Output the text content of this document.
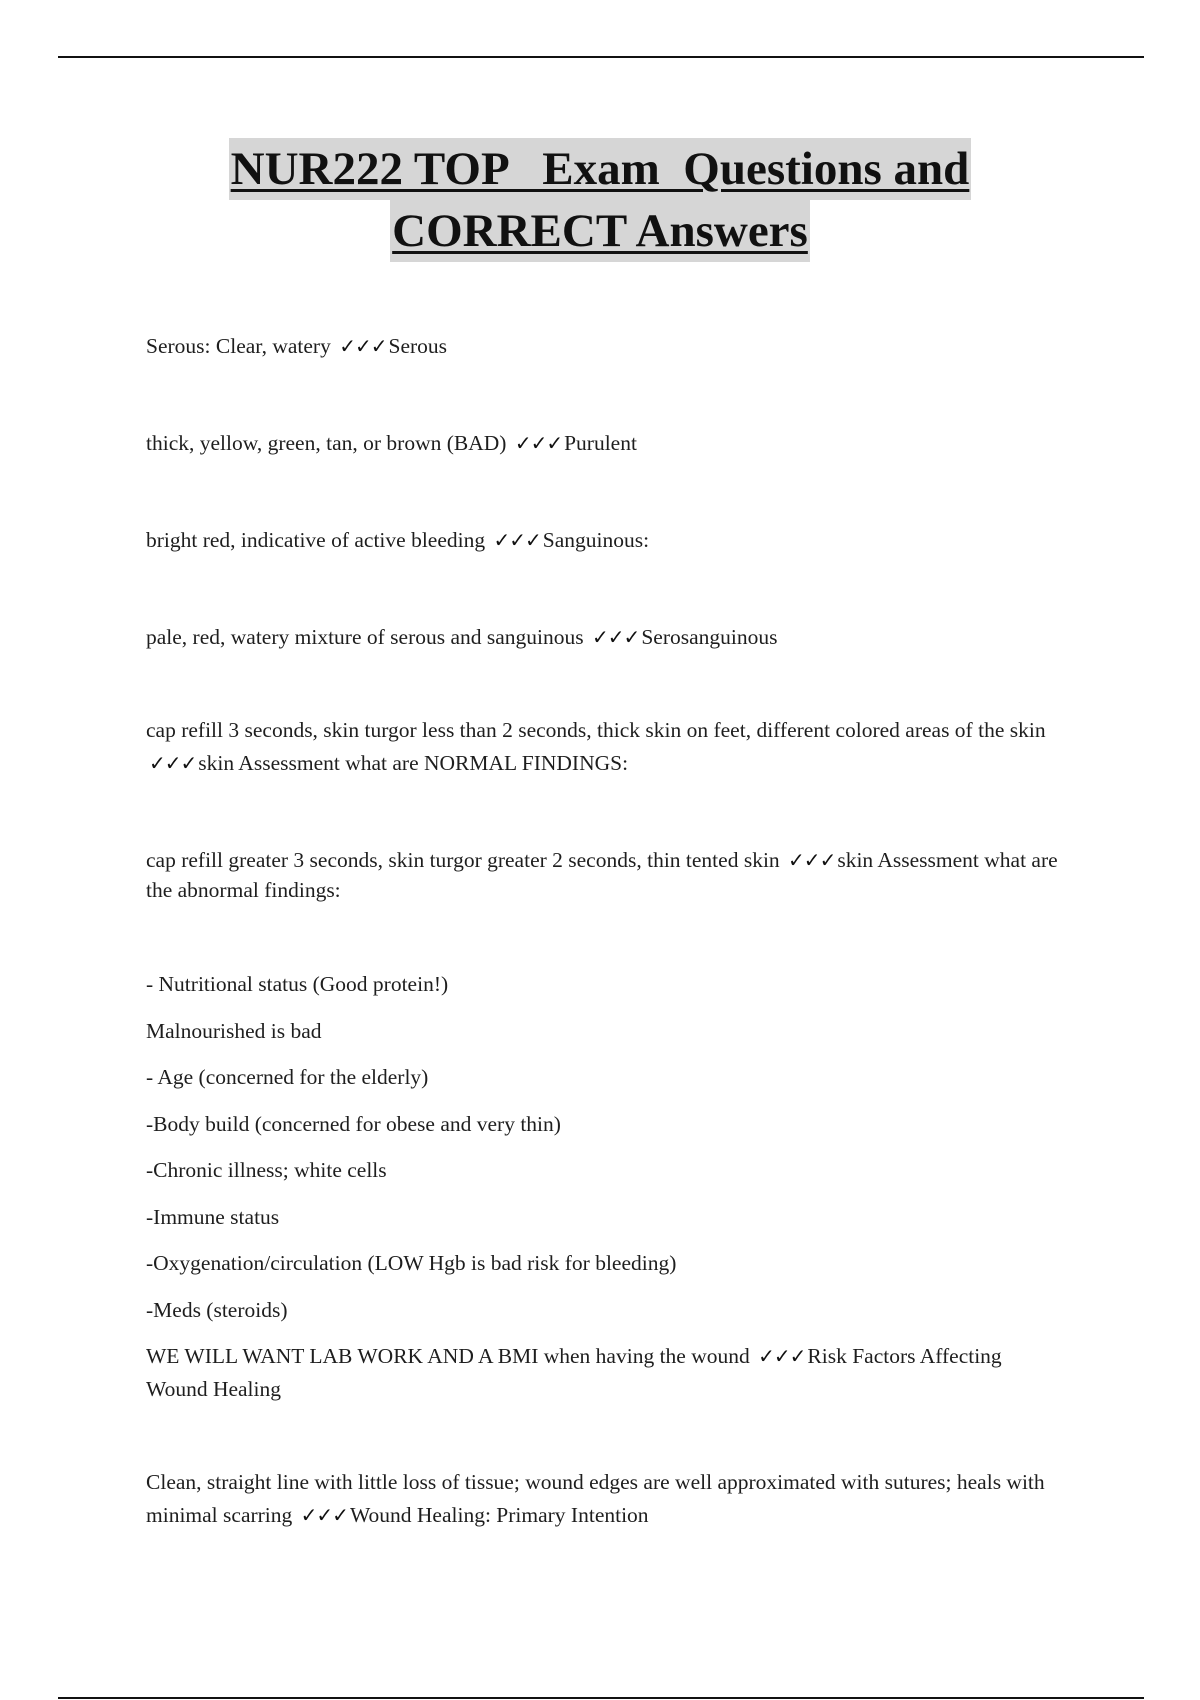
NUR222 TOP   Exam  Questions and
CORRECT Answers

Serous: Clear, watery ✓✓✓Serous

thick, yellow, green, tan, or brown (BAD) ✓✓✓Purulent

bright red, indicative of active bleeding ✓✓✓Sanguinous:

pale, red, watery mixture of serous and sanguinous ✓✓✓Serosanguinous

cap refill 3 seconds, skin turgor less than 2 seconds, thick skin on feet, different colored areas of the skin ✓✓✓skin Assessment what are NORMAL FINDINGS:

cap refill greater 3 seconds, skin turgor greater 2 seconds, thin tented skin ✓✓✓skin Assessment what are the abnormal findings:

- Nutritional status (Good protein!)
Malnourished is bad
- Age (concerned for the elderly)
-Body build (concerned for obese and very thin)
-Chronic illness; white cells
-Immune status
-Oxygenation/circulation (LOW Hgb is bad risk for bleeding)
-Meds (steroids)

WE WILL WANT LAB WORK AND A BMI when having the wound ✓✓✓Risk Factors Affecting Wound Healing

Clean, straight line with little loss of tissue; wound edges are well approximated with sutures; heals with minimal scarring ✓✓✓Wound Healing: Primary Intention
